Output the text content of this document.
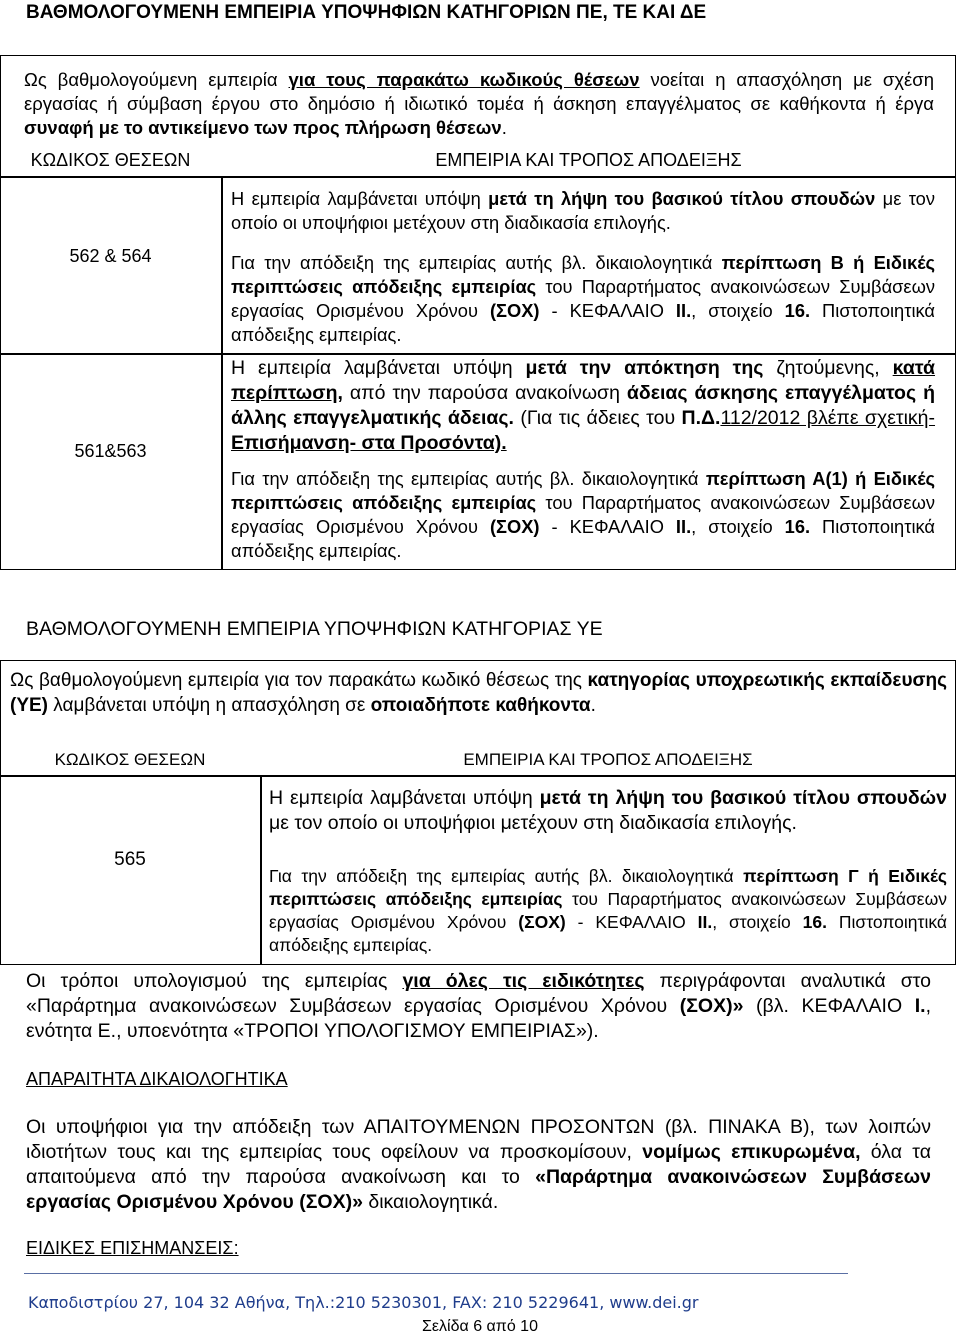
ΒΑΘΜΟΛΟΓΟΥΜΕΝΗ ΕΜΠΕΙΡΙΑ ΥΠΟΨΗΦΙΩΝ ΚΑΤΗΓΟΡΙΩΝ ΠΕ, ΤΕ ΚΑΙ ΔΕ
Ως βαθμολογούμενη εμπειρία για τους παρακάτω κωδικούς θέσεων νοείται η απασχόληση με σχέση εργασίας ή σύμβαση έργου στο δημόσιο ή ιδιωτικό τομέα ή άσκηση επαγγέλματος σε καθήκοντα ή έργα συναφή με το αντικείμενο των προς πλήρωση θέσεων.
ΚΩΔΙΚΟΣ ΘΕΣΕΩΝ	ΕΜΠΕΙΡΙΑ ΚΑΙ ΤΡΟΠΟΣ ΑΠΟΔΕΙΞΗΣ
562 & 564
Η εμπειρία λαμβάνεται υπόψη μετά τη λήψη του βασικού τίτλου σπουδών με τον οποίο οι υποψήφιοι μετέχουν στη διαδικασία επιλογής.
Για την απόδειξη της εμπειρίας αυτής βλ. δικαιολογητικά περίπτωση Β ή Ειδικές περιπτώσεις απόδειξης εμπειρίας του Παραρτήματος ανακοινώσεων Συμβάσεων εργασίας Ορισμένου Χρόνου (ΣΟΧ) - ΚΕΦΑΛΑΙΟ ΙΙ., στοιχείο 16. Πιστοποιητικά απόδειξης εμπειρίας.
561&563
Η εμπειρία λαμβάνεται υπόψη μετά την απόκτηση της ζητούμενης, κατά περίπτωση, από την παρούσα ανακοίνωση άδειας άσκησης επαγγέλματος ή άλλης επαγγελματικής άδειας. (Για τις άδειες του Π.Δ.112/2012 βλέπε σχετική- Επισήμανση- στα Προσόντα).
Για την απόδειξη της εμπειρίας αυτής βλ. δικαιολογητικά περίπτωση Α(1) ή Ειδικές περιπτώσεις απόδειξης εμπειρίας του Παραρτήματος ανακοινώσεων Συμβάσεων εργασίας Ορισμένου Χρόνου (ΣΟΧ) - ΚΕΦΑΛΑΙΟ ΙΙ., στοιχείο 16. Πιστοποιητικά απόδειξης εμπειρίας.
ΒΑΘΜΟΛΟΓΟΥΜΕΝΗ ΕΜΠΕΙΡΙΑ ΥΠΟΨΗΦΙΩΝ ΚΑΤΗΓΟΡΙΑΣ ΥΕ
Ως βαθμολογούμενη εμπειρία για τον παρακάτω κωδικό θέσεως της κατηγορίας υποχρεωτικής εκπαίδευσης (ΥΕ) λαμβάνεται υπόψη η απασχόληση σε οποιαδήποτε καθήκοντα.
ΚΩΔΙΚΟΣ ΘΕΣΕΩΝ	ΕΜΠΕΙΡΙΑ ΚΑΙ ΤΡΟΠΟΣ ΑΠΟΔΕΙΞΗΣ
565
Η εμπειρία λαμβάνεται υπόψη μετά τη λήψη του βασικού τίτλου σπουδών με τον οποίο οι υποψήφιοι μετέχουν στη διαδικασία επιλογής.
Για την απόδειξη της εμπειρίας αυτής βλ. δικαιολογητικά περίπτωση Γ ή Ειδικές περιπτώσεις απόδειξης εμπειρίας του Παραρτήματος ανακοινώσεων Συμβάσεων εργασίας Ορισμένου Χρόνου (ΣΟΧ) - ΚΕΦΑΛΑΙΟ ΙΙ., στοιχείο 16. Πιστοποιητικά απόδειξης εμπειρίας.
Οι τρόποι υπολογισμού της εμπειρίας για όλες τις ειδικότητες περιγράφονται αναλυτικά στο «Παράρτημα ανακοινώσεων Συμβάσεων εργασίας Ορισμένου Χρόνου (ΣΟΧ)» (βλ. ΚΕΦΑΛΑΙΟ Ι., ενότητα Ε., υποενότητα «ΤΡΟΠΟΙ ΥΠΟΛΟΓΙΣΜΟΥ ΕΜΠΕΙΡΙΑΣ»).
ΑΠΑΡΑΙΤΗΤΑ ΔΙΚΑΙΟΛΟΓΗΤΙΚΑ
Οι υποψήφιοι για την απόδειξη των ΑΠΑΙΤΟΥΜΕΝΩΝ ΠΡΟΣΟΝΤΩΝ (βλ. ΠΙΝΑΚΑ Β), των λοιπών ιδιοτήτων τους και της εμπειρίας τους οφείλουν να προσκομίσουν, νομίμως επικυρωμένα, όλα τα απαιτούμενα από την παρούσα ανακοίνωση και το «Παράρτημα ανακοινώσεων Συμβάσεων εργασίας Ορισμένου Χρόνου (ΣΟΧ)» δικαιολογητικά.
ΕΙΔΙΚΕΣ ΕΠΙΣΗΜΑΝΣΕΙΣ:
Καποδιστρίου 27, 104 32 Αθήνα, Τηλ.:210 5230301, FAX: 210 5229641, www.dei.gr
Σελίδα 6 από 10
